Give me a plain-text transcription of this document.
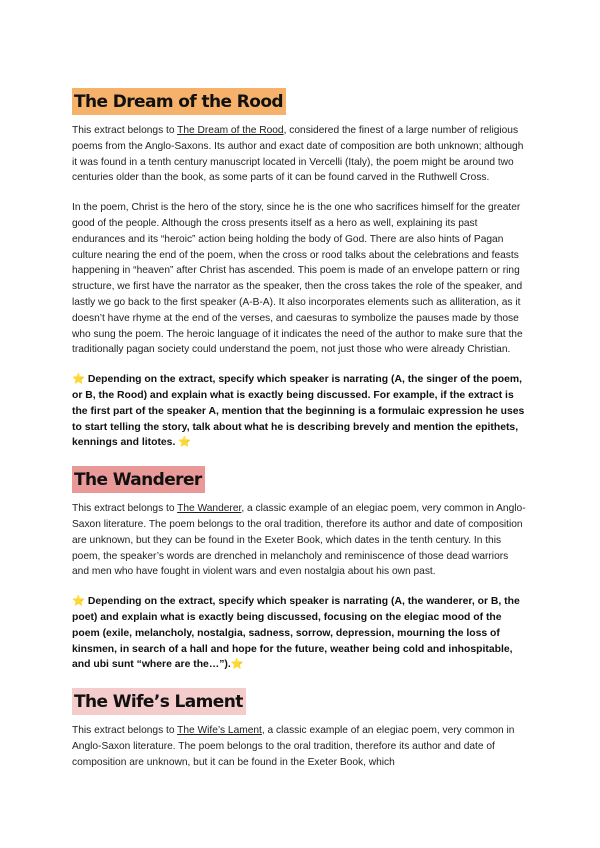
The Dream of the Rood

This extract belongs to The Dream of the Rood, considered the finest of a large number of religious poems from the Anglo-Saxons. Its author and exact date of composition are both unknown; although it was found in a tenth century manuscript located in Vercelli (Italy), the poem might be around two centuries older than the book, as some parts of it can be found carved in the Ruthwell Cross.

In the poem, Christ is the hero of the story, since he is the one who sacrifices himself for the greater good of the people. Although the cross presents itself as a hero as well, explaining its past endurances and its “heroic” action being holding the body of God. There are also hints of Pagan culture nearing the end of the poem, when the cross or rood talks about the celebrations and feasts happening in “heaven” after Christ has ascended. This poem is made of an envelope pattern or ring structure, we first have the narrator as the speaker, then the cross takes the role of the speaker, and lastly we go back to the first speaker (A-B-A). It also incorporates elements such as alliteration, as it doesn’t have rhyme at the end of the verses, and caesuras to symbolize the pauses made by those who sung the poem. The heroic language of it indicates the need of the author to make sure that the traditionally pagan society could understand the poem, not just those who were already Christian.

⭐ Depending on the extract, specify which speaker is narrating (A, the singer of the poem, or B, the Rood) and explain what is exactly being discussed. For example, if the extract is the first part of the speaker A, mention that the beginning is a formulaic expression he uses to start telling the story, talk about what he is describing brevely and mention the epithets, kennings and litotes. ⭐

The Wanderer

This extract belongs to The Wanderer, a classic example of an elegiac poem, very common in Anglo-Saxon literature. The poem belongs to the oral tradition, therefore its author and date of composition are unknown, but they can be found in the Exeter Book, which dates in the tenth century. In this poem, the speaker’s words are drenched in melancholy and reminiscence of those dead warriors and men who have fought in violent wars and even nostalgia about his own past.

⭐ Depending on the extract, specify which speaker is narrating (A, the wanderer, or B, the poet) and explain what is exactly being discussed, focusing on the elegiac mood of the poem (exile, melancholy, nostalgia, sadness, sorrow, depression, mourning the loss of kinsmen, in search of a hall and hope for the future, weather being cold and inhospitable, and ubi sunt “where are the…”).⭐

The Wife’s Lament

This extract belongs to The Wife’s Lament, a classic example of an elegiac poem, very common in Anglo-Saxon literature. The poem belongs to the oral tradition, therefore its author and date of composition are unknown, but it can be found in the Exeter Book, which
